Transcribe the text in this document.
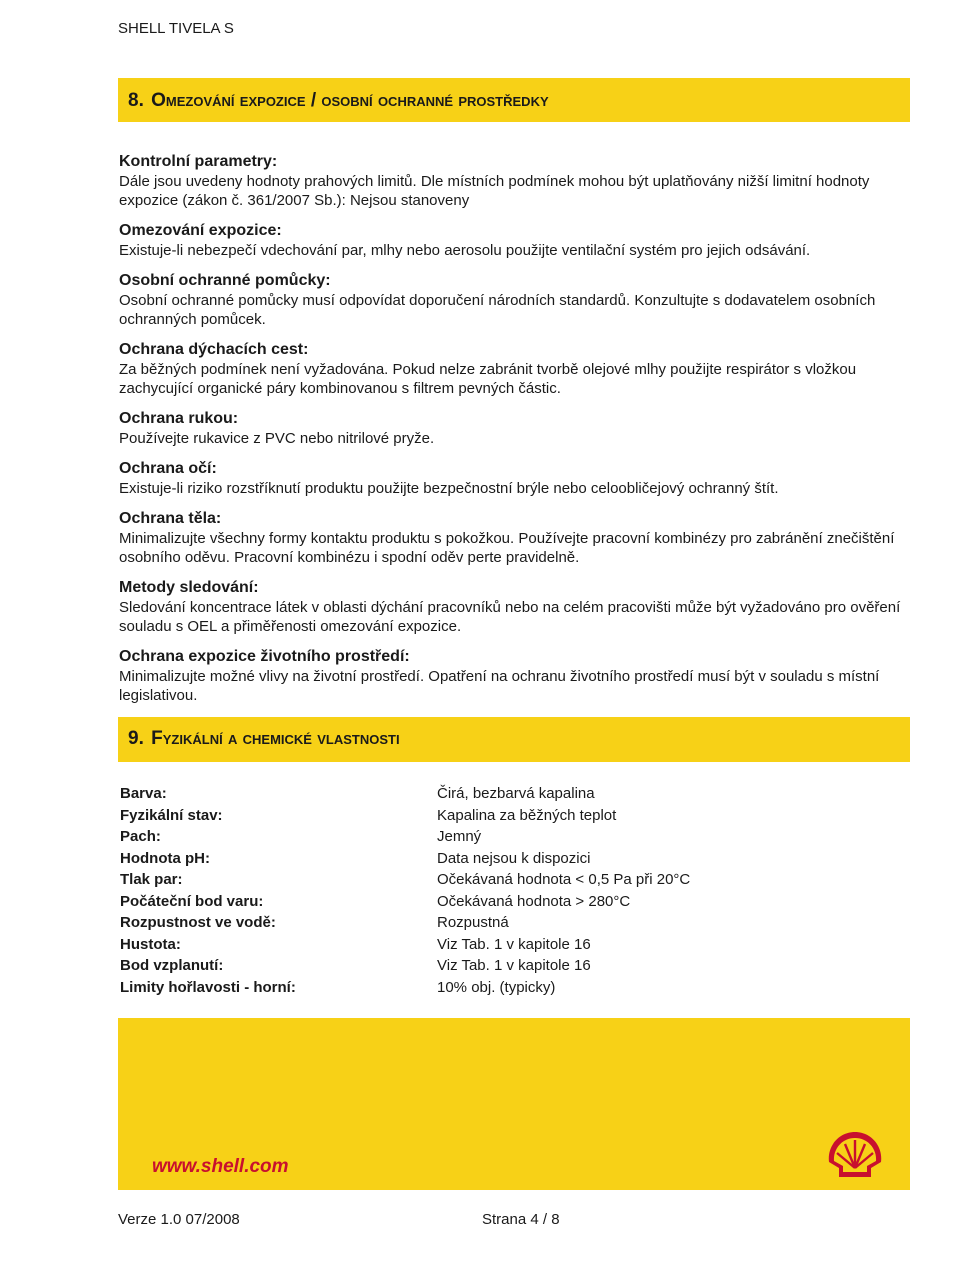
SHELL TIVELA S
8. Omezování expozice / osobní ochranné prostředky
Kontrolní parametry:

Dále jsou uvedeny hodnoty prahových limitů. Dle místních podmínek mohou být uplatňovány nižší limitní hodnoty expozice (zákon č. 361/2007 Sb.): Nejsou stanoveny

Omezování expozice:

Existuje-li nebezpečí vdechování par, mlhy nebo aerosolu použijte ventilační systém pro jejich odsávání.

Osobní ochranné pomůcky:

Osobní ochranné pomůcky musí odpovídat doporučení národních standardů. Konzultujte s dodavatelem osobních ochranných pomůcek.

Ochrana dýchacích cest:

Za běžných podmínek není vyžadována. Pokud nelze zabránit tvorbě olejové mlhy použijte respirátor s vložkou zachycující organické páry kombinovanou s filtrem pevných částic.

Ochrana rukou:

Používejte rukavice z PVC nebo nitrilové pryže.

Ochrana očí:

Existuje-li riziko rozstříknutí produktu použijte bezpečnostní brýle nebo celoobličejový ochranný štít.

Ochrana těla:

Minimalizujte všechny formy kontaktu produktu s pokožkou. Používejte pracovní kombinézy pro zabránění znečištění osobního oděvu. Pracovní kombinézu i spodní oděv perte pravidelně.

Metody sledování:

Sledování koncentrace látek v oblasti dýchání pracovníků nebo na celém pracovišti může být vyžadováno pro ověření souladu s OEL a přiměřenosti omezování expozice.

Ochrana expozice životního prostředí:

Minimalizujte možné vlivy na životní prostředí. Opatření na ochranu životního prostředí musí být v souladu s místní legislativou.

9. Fyzikální a chemické vlastnosti
Barva:	Čirá, bezbarvá kapalina
Fyzikální stav:	Kapalina za běžných teplot
Pach:	Jemný
Hodnota pH:	Data nejsou k dispozici
Tlak par:	Očekávaná hodnota < 0,5 Pa při 20°C
Počáteční bod varu:	Očekávaná hodnota > 280°C
Rozpustnost ve vodě:	Rozpustná
Hustota:	Viz Tab. 1 v kapitole 16
Bod vzplanutí:	Viz Tab. 1 v kapitole 16
Limity hořlavosti - horní:	10% obj. (typicky)
www.shell.com
Verze 1.0 07/2008	Strana 4 / 8
